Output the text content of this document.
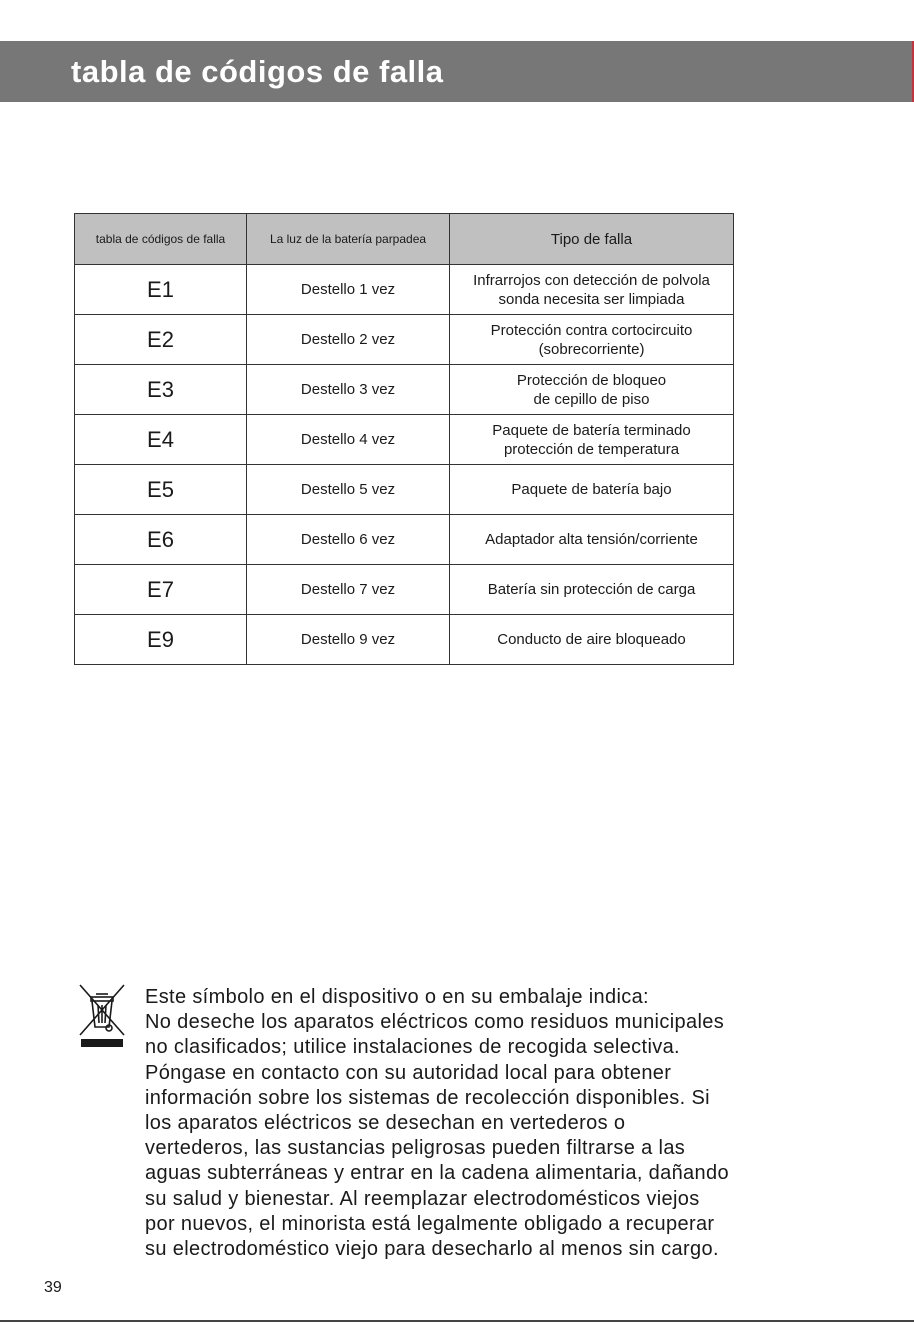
tabla de códigos de falla
tabla de códigos de falla	La luz de la batería parpadea	Tipo de falla
E1	Destello 1 vez	Infrarrojos con detección de polvola
sonda necesita ser limpiada

E2	Destello 2 vez	Protección contra cortocircuito
(sobrecorriente)

E3	Destello 3 vez	Protección de bloqueo
de cepillo de piso

E4	Destello 4 vez	Paquete de batería terminado
protección de temperatura

E5	Destello 5 vez	Paquete de batería bajo

E6	Destello 6 vez	Adaptador alta tensión/corriente

E7	Destello 7 vez	Batería sin protección de carga

E9	Destello 9 vez	Conducto de aire bloqueado
Este símbolo en el dispositivo o en su embalaje indica:
No deseche los aparatos eléctricos como residuos municipales
no clasificados; utilice instalaciones de recogida selectiva.
Póngase en contacto con su autoridad local para obtener
información sobre los sistemas de recolección disponibles. Si
los aparatos eléctricos se desechan en vertederos o
vertederos, las sustancias peligrosas pueden filtrarse a las
aguas subterráneas y entrar en la cadena alimentaria, dañando
su salud y bienestar. Al reemplazar electrodomésticos viejos
por nuevos, el minorista está legalmente obligado a recuperar
su electrodoméstico viejo para desecharlo al menos sin cargo.
39
